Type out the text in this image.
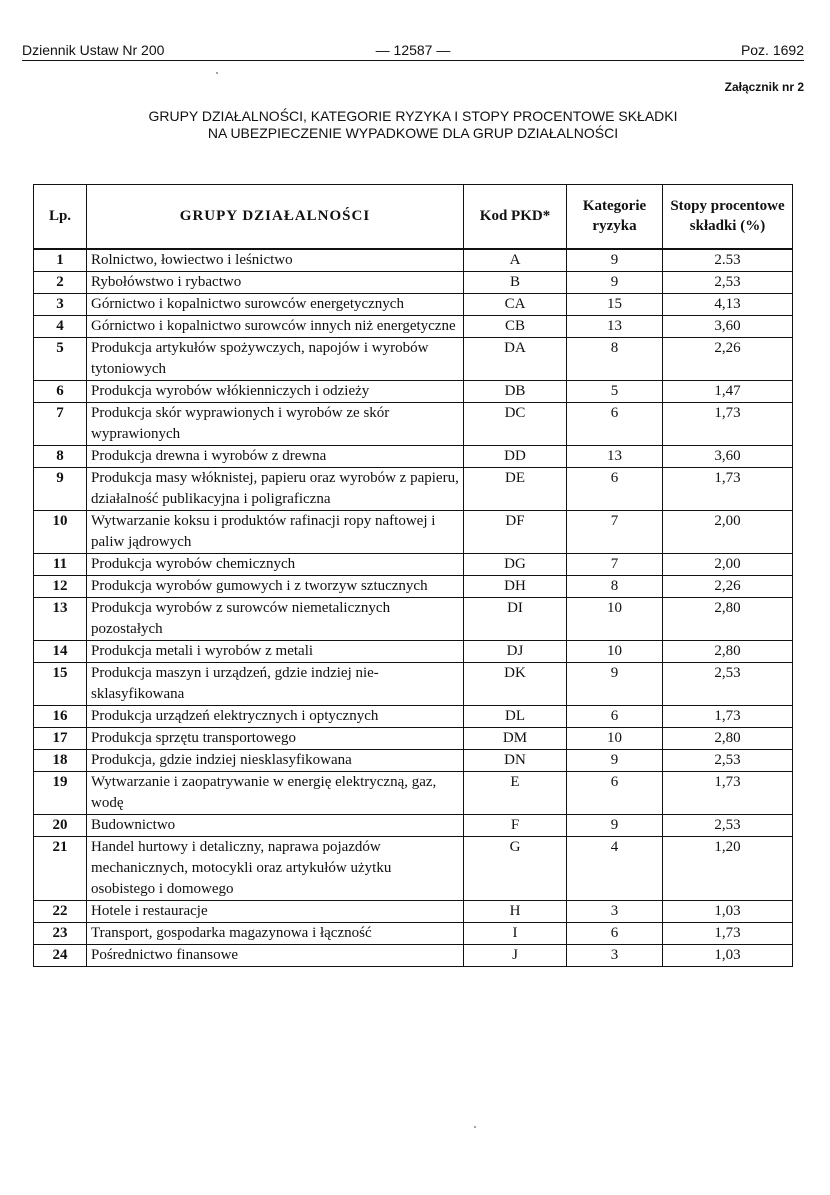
Dziennik Ustaw Nr 200	— 12587 —	Poz. 1692
Załącznik nr 2
GRUPY DZIAŁALNOŚCI, KATEGORIE RYZYKA I STOPY PROCENTOWE SKŁADKI
NA UBEZPIECZENIE WYPADKOWE DLA GRUP DZIAŁALNOŚCI
Lp.	GRUPY DZIAŁALNOŚCI	Kod PKD*	Kategorie ryzyka	Stopy procentowe składki (%)
1	Rolnictwo, łowiectwo i leśnictwo	A	9	2.53
2	Rybołówstwo i rybactwo	B	9	2,53
3	Górnictwo i kopalnictwo surowców energetycznych	CA	15	4,13
4	Górnictwo i kopalnictwo surowców innych niż energetyczne	CB	13	3,60
5	Produkcja artykułów spożywczych, napojów i wyrobów tytoniowych	DA	8	2,26
6	Produkcja wyrobów włókienniczych i odzieży	DB	5	1,47
7	Produkcja skór wyprawionych i wyrobów ze skór wyprawionych	DC	6	1,73
8	Produkcja drewna i wyrobów z drewna	DD	13	3,60
9	Produkcja masy włóknistej, papieru oraz wyrobów z papieru, działalność publikacyjna i poligraficzna	DE	6	1,73
10	Wytwarzanie koksu i produktów rafinacji ropy naftowej i paliw jądrowych	DF	7	2,00
11	Produkcja wyrobów chemicznych	DG	7	2,00
12	Produkcja wyrobów gumowych i z tworzyw sztucznych	DH	8	2,26
13	Produkcja wyrobów z surowców niemetalicznych pozostałych	DI	10	2,80
14	Produkcja metali i wyrobów z metali	DJ	10	2,80
15	Produkcja maszyn i urządzeń, gdzie indziej nie-sklasyfikowana	DK	9	2,53
16	Produkcja urządzeń elektrycznych i optycznych	DL	6	1,73
17	Produkcja sprzętu transportowego	DM	10	2,80
18	Produkcja, gdzie indziej niesklasyfikowana	DN	9	2,53
19	Wytwarzanie i zaopatrywanie w energię elektryczną, gaz, wodę	E	6	1,73
20	Budownictwo	F	9	2,53
21	Handel hurtowy i detaliczny, naprawa pojazdów mechanicznych, motocykli oraz artykułów użytku osobistego i domowego	G	4	1,20
22	Hotele i restauracje	H	3	1,03
23	Transport, gospodarka magazynowa i łączność	I	6	1,73
24	Pośrednictwo finansowe	J	3	1,03
